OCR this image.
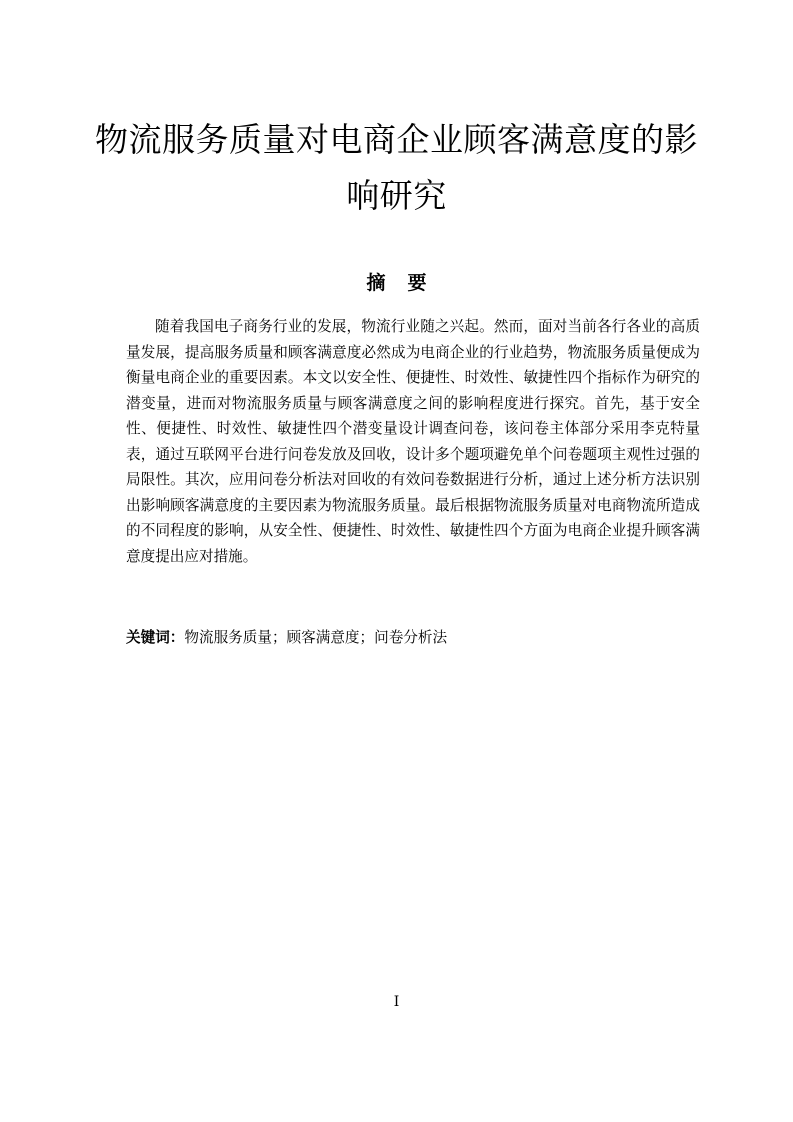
物流服务质量对电商企业顾客满意度的影响研究
摘要

随着我国电子商务行业的发展，物流行业随之兴起。然而，面对当前各行各业的高质量发展，提高服务质量和顾客满意度必然成为电商企业的行业趋势，物流服务质量便成为衡量电商企业的重要因素。本文以安全性、便捷性、时效性、敏捷性四个指标作为研究的潜变量，进而对物流服务质量与顾客满意度之间的影响程度进行探究。首先，基于安全性、便捷性、时效性、敏捷性四个潜变量设计调查问卷，该问卷主体部分采用李克特量表，通过互联网平台进行问卷发放及回收，设计多个题项避免单个问卷题项主观性过强的局限性。其次，应用问卷分析法对回收的有效问卷数据进行分析，通过上述分析方法识别出影响顾客满意度的主要因素为物流服务质量。最后根据物流服务质量对电商物流所造成的不同程度的影响，从安全性、便捷性、时效性、敏捷性四个方面为电商企业提升顾客满意度提出应对措施。

关键词：物流服务质量；顾客满意度；问卷分析法

I
